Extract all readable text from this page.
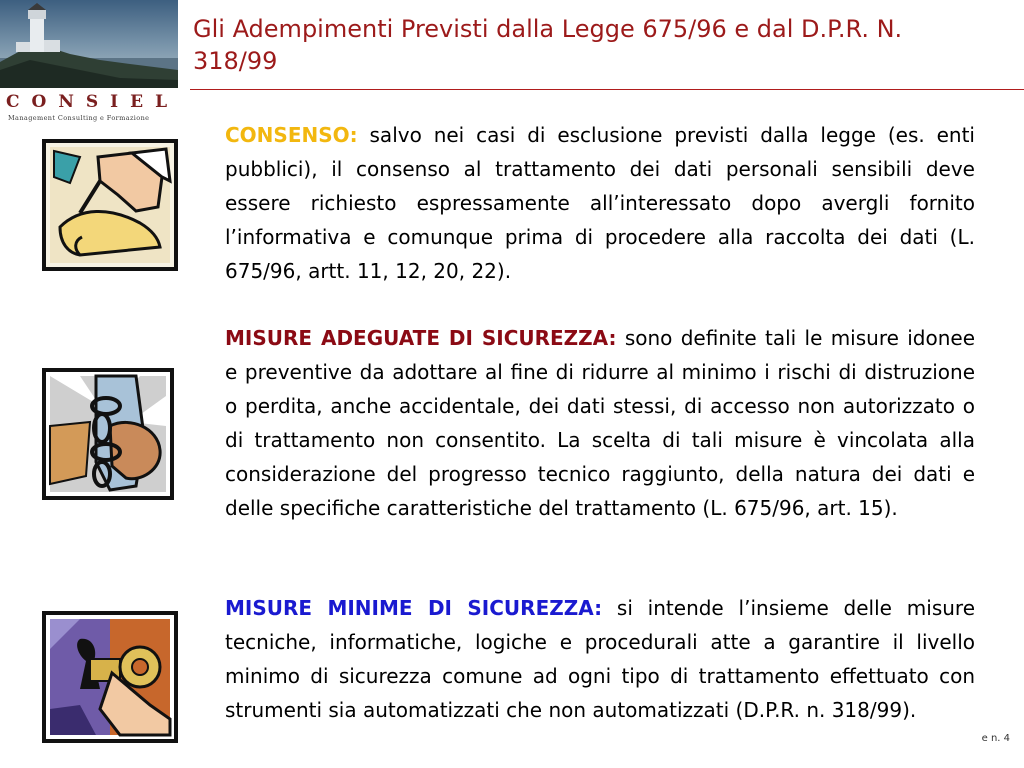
CONSIEL
Management Consulting e Formazione
Gli Adempimenti Previsti dalla Legge 675/96 e dal D.P.R. N. 318/99
CONSENSO: salvo nei casi di esclusione previsti dalla legge (es. enti pubblici), il consenso al trattamento dei dati personali sensibili deve essere richiesto espressamente all’interessato dopo avergli fornito l’informativa e comunque prima di procedere alla raccolta dei dati (L. 675/96, artt. 11, 12, 20, 22).
MISURE ADEGUATE DI SICUREZZA: sono definite tali le misure idonee e preventive da adottare al fine di ridurre al minimo i rischi di distruzione o perdita, anche accidentale, dei dati stessi, di accesso non autorizzato o di trattamento non consentito. La scelta di tali misure è vincolata alla considerazione del progresso tecnico raggiunto, della natura dei dati e delle specifiche caratteristiche del trattamento (L. 675/96, art. 15).
MISURE MINIME DI SICUREZZA: si intende l’insieme delle misure tecniche, informatiche, logiche e procedurali atte a garantire il livello minimo di sicurezza comune ad ogni tipo di trattamento effettuato con strumenti sia automatizzati che non automatizzati (D.P.R. n. 318/99).
e n. 4
